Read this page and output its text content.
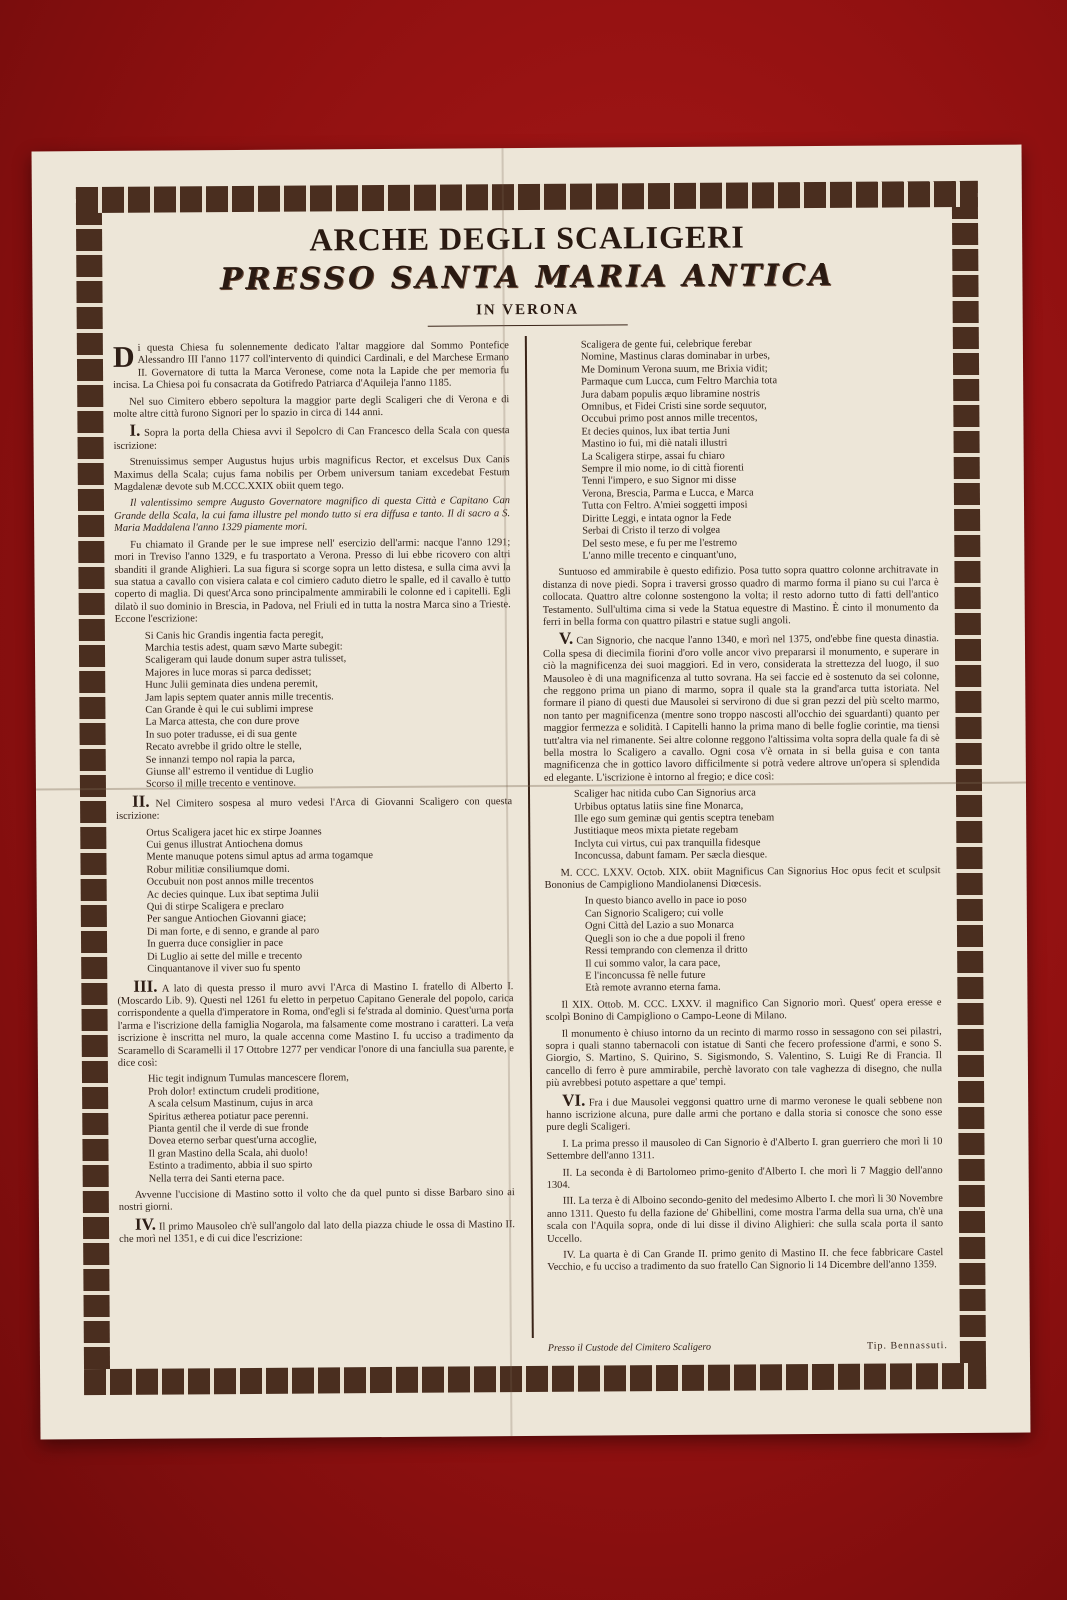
ARCHE DEGLI SCALIGERI
PRESSO SANTA MARIA ANTICA
IN VERONA

Di questa Chiesa fu solennemente dedicato l'altar maggiore dal Sommo Pontefice Alessandro III l'anno 1177 coll'intervento di quindici Cardinali, e del Marchese Ermano II. Governatore di tutta la Marca Veronese, come nota la Lapide che per memoria fu incisa. La Chiesa poi fu consacrata da Gotifredo Patriarca d'Aquileja l'anno 1185.

Nel suo Cimitero ebbero sepoltura la maggior parte degli Scaligeri che di Verona e di molte altre città furono Signori per lo spazio in circa di 144 anni.

I. Sopra la porta della Chiesa avvi il Sepolcro di Can Francesco della Scala con questa iscrizione:

Strenuissimus semper Augustus hujus urbis magnificus Rector, et excelsus Dux Canis Maximus della Scala; cujus fama nobilis per Orbem universum taniam excedebat Festum Magdalenæ devote sub M.CCC.XXIX obiit quem tego.

Il valentissimo sempre Augusto Governatore magnifico di questa Città e Capitano Can Grande della Scala, la cui fama illustre pel mondo tutto si era diffusa e tanto. Il di sacro a S. Maria Maddalena l'anno 1329 piamente mori.

Fu chiamato il Grande per le sue imprese nell' esercizio dell'armi: nacque l'anno 1291; mori in Treviso l'anno 1329, e fu trasportato a Verona. Presso di lui ebbe ricovero con altri sbanditi il grande Alighieri. La sua figura si scorge sopra un letto distesa, e sulla cima avvi la sua statua a cavallo con visiera calata e col cimiero caduto dietro le spalle, ed il cavallo è tutto coperto di maglia. Di quest'Arca sono principalmente ammirabili le colonne ed i capitelli. Egli dilatò il suo dominio in Brescia, in Padova, nel Friuli ed in tutta la nostra Marca sino a Trieste. Eccone l'escrizione:

Si Canis hic Grandis ingentia facta peregit,
Marchia testis adest, quam sævo Marte subegit:
Scaligeram qui laude donum super astra tulisset,
Majores in luce moras si parca dedisset;
Hunc Julii geminata dies undena peremit,
Jam lapis septem quater annis mille trecentis.
Can Grande è qui le cui sublimi imprese
La Marca attesta, che con dure prove
In suo poter tradusse, ei di sua gente
Recato avrebbe il grido oltre le stelle,
Se innanzi tempo nol rapia la parca,
Giunse all' estremo il ventidue di Luglio
Scorso il mille trecento e ventinove.

II. Nel Cimitero sospesa al muro vedesi l'Arca di Giovanni Scaligero con questa iscrizione:

Ortus Scaligera jacet hic ex stirpe Joannes
Cui genus illustrat Antiochena domus
Mente manuque potens simul aptus ad arma togamque
Robur militiæ consiliumque domi.
Occubuit non post annos mille trecentos
Ac decies quinque. Lux ibat septima Julii
Qui di stirpe Scaligera e preclaro
Per sangue Antiochen Giovanni giace;
Di man forte, e di senno, e grande al paro
In guerra duce consiglier in pace
Di Luglio ai sette del mille e trecento
Cinquantanove il viver suo fu spento

III. A lato di questa presso il muro avvi l'Arca di Mastino I. fratello di Alberto I. (Moscardo Lib. 9). Questi nel 1261 fu eletto in perpetuo Capitano Generale del popolo, carica corrispondente a quella d'imperatore in Roma, ond'egli si fe'strada al dominio. Quest'urna porta l'arma e l'iscrizione della famiglia Nogarola, ma falsamente come mostrano i caratteri. La vera iscrizione è inscritta nel muro, la quale accenna come Mastino I. fu ucciso a tradimento da Scaramello di Scaramelli il 17 Ottobre 1277 per vendicar l'onore di una fanciulla sua parente, e dice così:

Hic tegit indignum Tumulas mancescere florem,
Proh dolor! extinctum crudeli proditione,
A scala celsum Mastinum, cujus in arca
Spiritus ætherea potiatur pace perenni.
Pianta gentil che il verde di sue fronde
Dovea eterno serbar quest'urna accoglie,
Il gran Mastino della Scala, ahi duolo!
Estinto a tradimento, abbia il suo spirto
Nella terra dei Santi eterna pace.

Avvenne l'uccisione di Mastino sotto il volto che da quel punto si disse Barbaro sino ai nostri giorni.

IV. Il primo Mausoleo ch'è sull'angolo dal lato della piazza chiude le ossa di Mastino II. che morì nel 1351, e di cui dice l'escrizione:

Scaligera de gente fui, celebrique ferebar
Nomine, Mastinus claras dominabar in urbes,
Me Dominum Verona suum, me Brixia vidit;
Parmaque cum Lucca, cum Feltro Marchia tota
Jura dabam populis æquo libramine nostris
Omnibus, et Fidei Cristi sine sorde sequutor,
Occubui primo post annos mille trecentos,
Et decies quinos, lux ibat tertia Juni
Mastino io fui, mi diè natali illustri
La Scaligera stirpe, assai fu chiaro
Sempre il mio nome, io di città fiorenti
Tenni l'impero, e suo Signor mi disse
Verona, Brescia, Parma e Lucca, e Marca
Tutta con Feltro. A'miei soggetti imposi
Diritte Leggi, e intata ognor la Fede
Serbai di Cristo il terzo di volgea
Del sesto mese, e fu per me l'estremo
L'anno mille trecento e cinquant'uno,

Suntuoso ed ammirabile è questo edifizio. Posa tutto sopra quattro colonne architravate in distanza di nove piedi. Sopra i traversi grosso quadro di marmo forma il piano su cui l'arca è collocata. Quattro altre colonne sostengono la volta; il resto adorno tutto di fatti dell'antico Testamento. Sull'ultima cima si vede la Statua equestre di Mastino. È cinto il monumento da ferri in bella forma con quattro pilastri e statue sugli angoli.

V. Can Signorio, che nacque l'anno 1340, e morì nel 1375, ond'ebbe fine questa dinastia. Colla spesa di diecimila fiorini d'oro volle ancor vivo prepararsi il monumento, e superare in ciò la magnificenza dei suoi maggiori. Ed in vero, considerata la strettezza del luogo, il suo Mausoleo è di una magnificenza al tutto sovrana. Ha sei faccie ed è sostenuto da sei colonne, che reggono prima un piano di marmo, sopra il quale sta la grand'arca tutta istoriata. Nel formare il piano di questi due Mausolei si servirono di due si gran pezzi del più scelto marmo, non tanto per magnificenza (mentre sono troppo nascosti all'occhio dei sguardanti) quanto per maggior fermezza e solidità. I Capitelli hanno la prima mano di belle foglie corintie, ma tiensi tutt'altra via nel rimanente. Sei altre colonne reggono l'altissima volta sopra della quale fa di sè bella mostra lo Scaligero a cavallo. Ogni cosa v'è ornata in si bella guisa e con tanta magnificenza che in gottico lavoro difficilmente si potrà vedere altrove un'opera si splendida ed elegante. L'iscrizione è intorno al fregio; e dice così:

Scaliger hac nitida cubo Can Signorius arca
Urbibus optatus latiis sine fine Monarca,
Ille ego sum geminæ qui gentis sceptra tenebam
Justitiaque meos mixta pietate regebam
Inclyta cui virtus, cui pax tranquilla fidesque
Inconcussa, dabunt famam. Per sæcla diesque.

M. CCC. LXXV. Octob. XIX. obiit Magnificus Can Signorius Hoc opus fecit et sculpsit Bononius de Campigliono Mandiolanensi Diœcesis.

In questo bianco avello in pace io poso
Can Signorio Scaligero; cui volle
Ogni Città del Lazio a suo Monarca
Quegli son io che a due popoli il freno
Ressi temprando con clemenza il dritto
Il cui sommo valor, la cara pace,
E l'inconcussa fè nelle future
Età remote avranno eterna fama.

Il XIX. Ottob. M. CCC. LXXV. il magnifico Can Signorio morì. Quest' opera eresse e scolpì Bonino di Campigliono o Campo-Leone di Milano.

Il monumento è chiuso intorno da un recinto di marmo rosso in sessagono con sei pilastri, sopra i quali stanno tabernacoli con istatue di Santi che fecero professione d'armi, e sono S. Giorgio, S. Martino, S. Quirino, S. Sigismondo, S. Valentino, S. Luigi Re di Francia. Il cancello di ferro è pure ammirabile, perchè lavorato con tale vaghezza di disegno, che nulla più avrebbesi potuto aspettare a que' tempi.

VI. Fra i due Mausolei veggonsi quattro urne di marmo veronese le quali sebbene non hanno iscrizione alcuna, pure dalle armi che portano e dalla storia si conosce che sono esse pure degli Scaligeri.

I. La prima presso il mausoleo di Can Signorio è d'Alberto I. gran guerriero che morì li 10 Settembre dell'anno 1311.

II. La seconda è di Bartolomeo primo-genito d'Alberto I. che morì li 7 Maggio dell'anno 1304.

III. La terza è di Alboino secondo-genito del medesimo Alberto I. che morì li 30 Novembre anno 1311. Questo fu della fazione de' Ghibellini, come mostra l'arma della sua urna, ch'è una scala con l'Aquila sopra, onde di lui disse il divino Alighieri: che sulla scala porta il santo Uccello.

IV. La quarta è di Can Grande II. primo genito di Mastino II. che fece fabbricare Castel Vecchio, e fu ucciso a tradimento da suo fratello Can Signorio li 14 Dicembre dell'anno 1359.

Presso il Custode del Cimitero Scaligero	Tip. Bennassuti.
